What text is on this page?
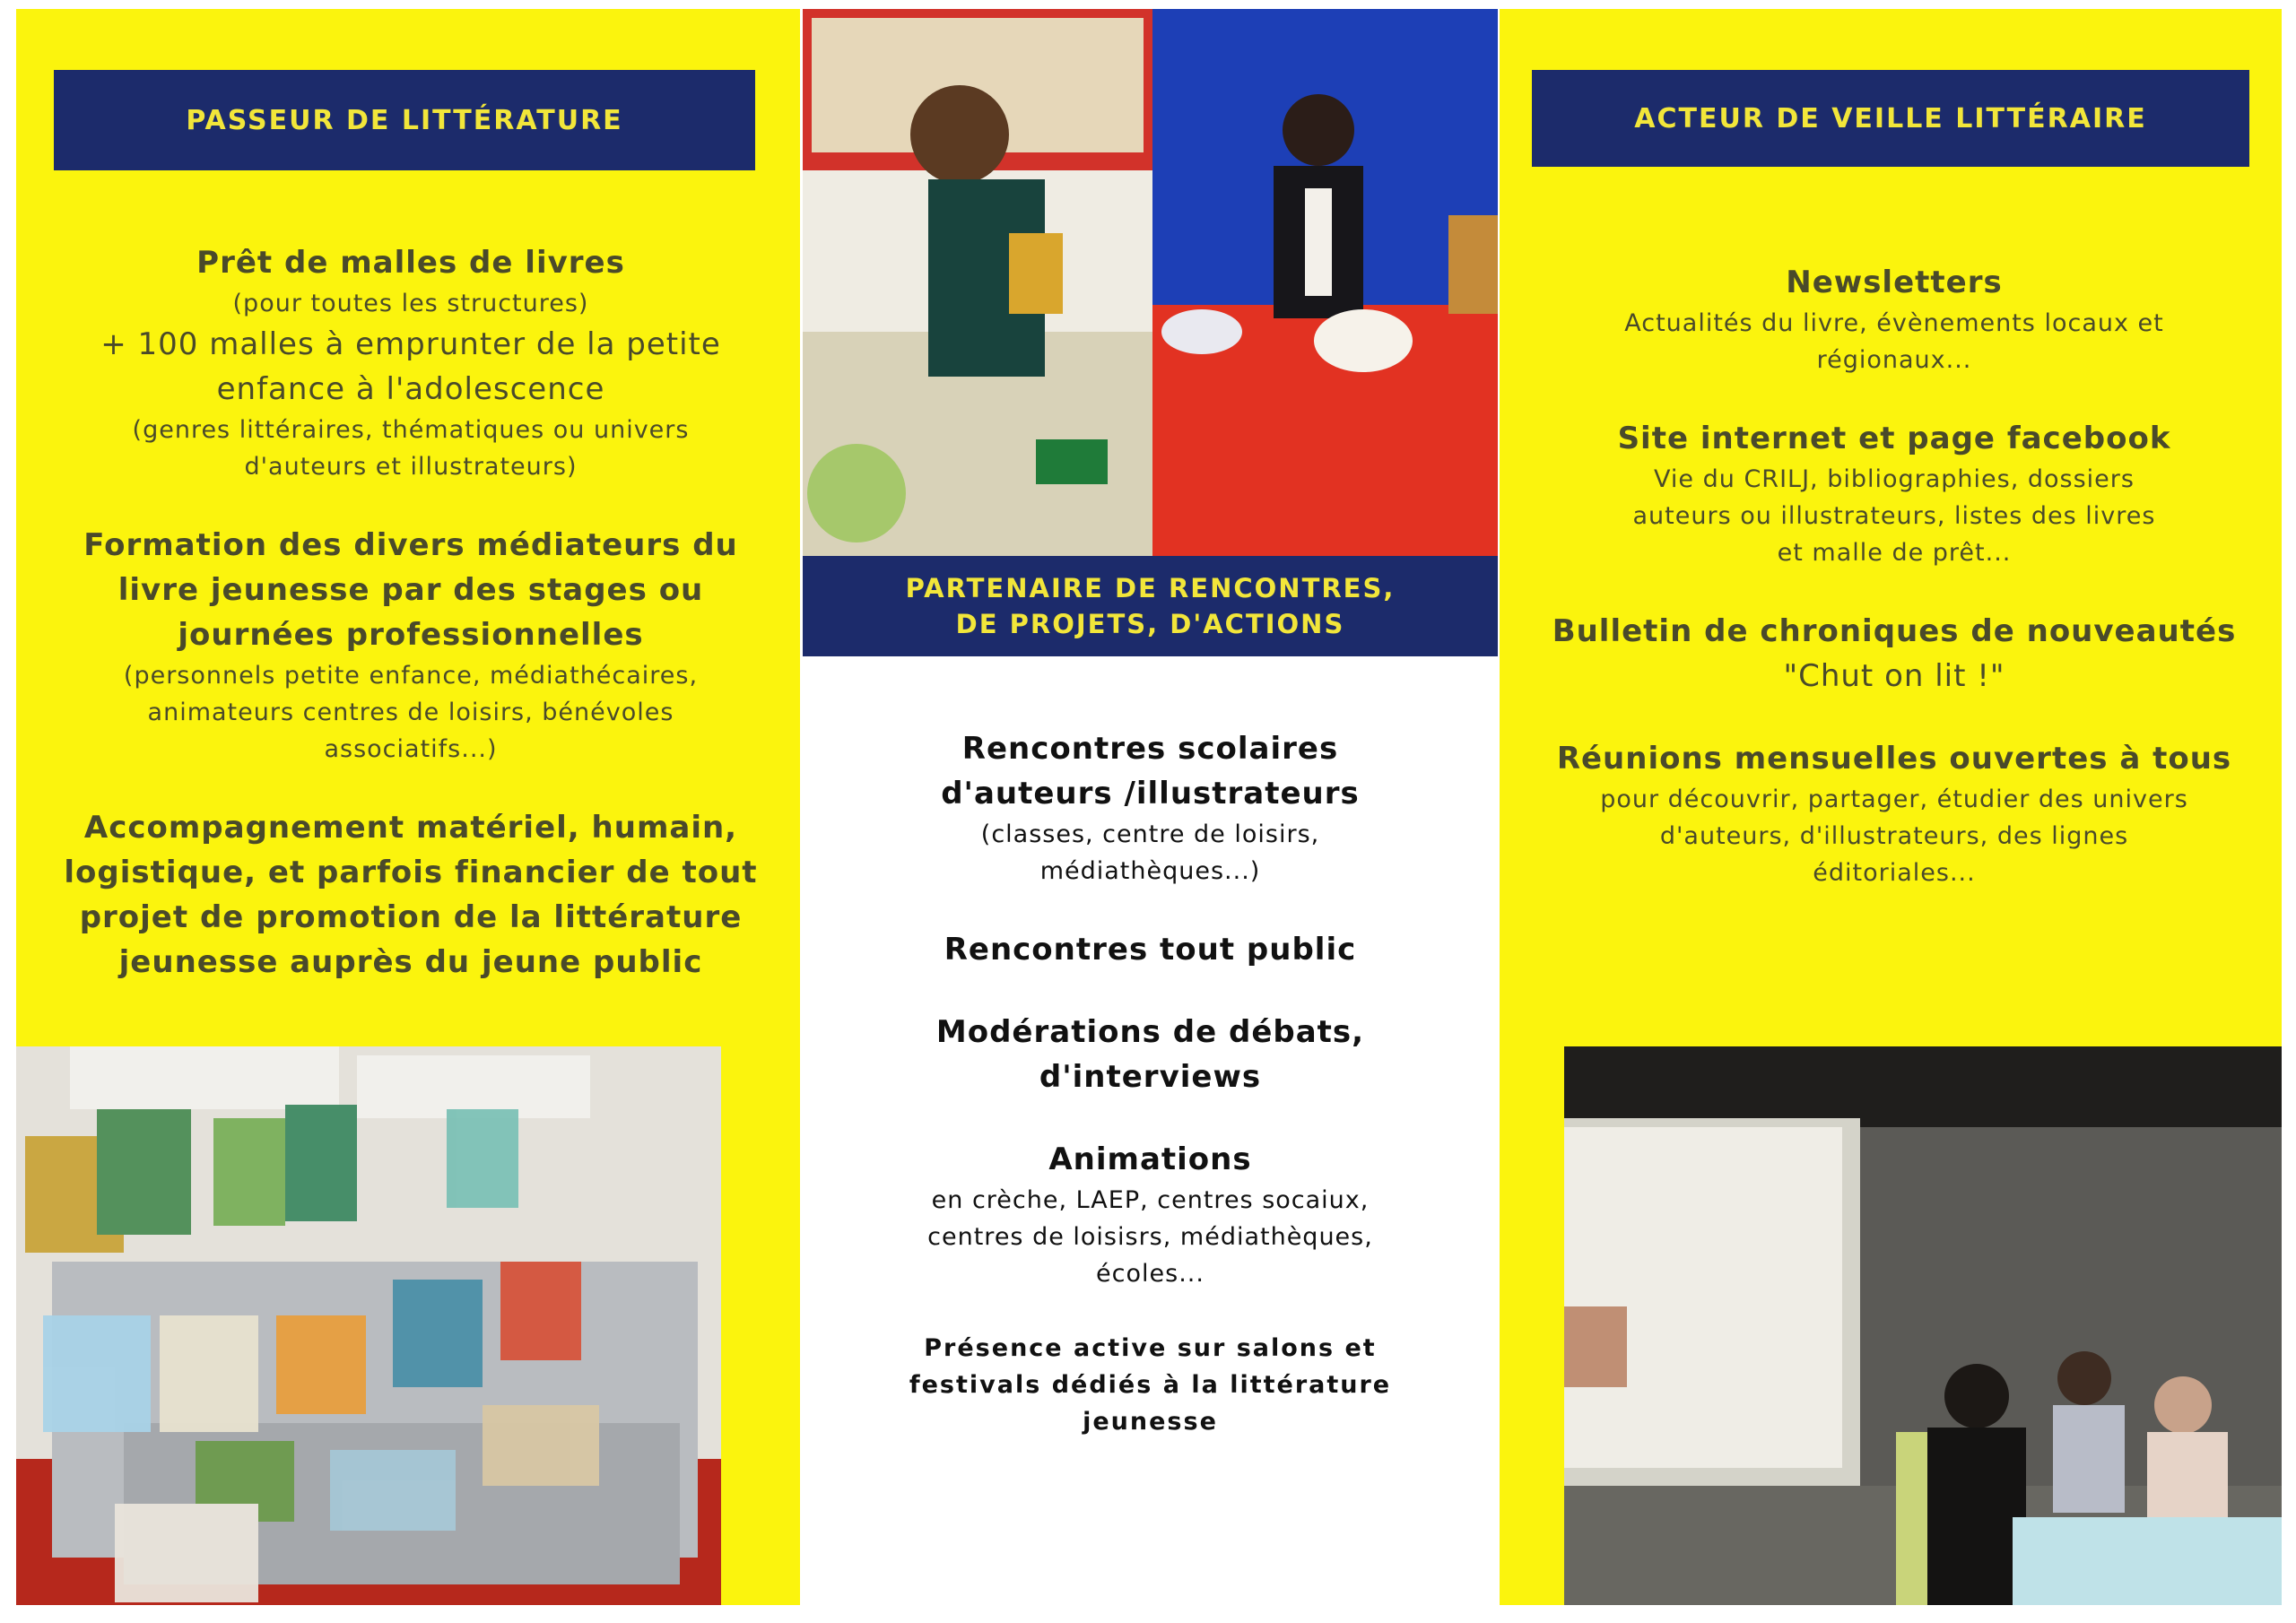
PASSEUR DE LITTÉRATURE
Prêt de malles de livres
(pour toutes les structures)
+ 100 malles à emprunter de la petite
enfance à l'adolescence
(genres littéraires, thématiques ou univers
d'auteurs et illustrateurs)
Formation des divers médiateurs du
livre jeunesse par des stages ou
journées professionnelles
(personnels petite enfance, médiathécaires,
animateurs centres de loisirs, bénévoles
associatifs...)
Accompagnement matériel, humain,
logistique, et parfois financier de tout
projet de promotion de la littérature
jeunesse auprès du jeune public
PARTENAIRE DE RENCONTRES,
DE PROJETS, D'ACTIONS
Rencontres scolaires
d'auteurs /illustrateurs
(classes, centre de loisirs,
médiathèques...)
Rencontres tout public
Modérations de débats,
d'interviews
Animations
en crèche, LAEP, centres socaiux,
centres de loisisrs, médiathèques,
écoles...
Présence active sur salons et
festivals dédiés à la littérature
jeunesse
ACTEUR DE VEILLE LITTÉRAIRE
Newsletters
Actualités du livre, évènements locaux et
régionaux...
Site internet et page facebook
Vie du CRILJ, bibliographies, dossiers
auteurs ou illustrateurs, listes des livres
et malle de prêt...
Bulletin de chroniques de nouveautés
"Chut on lit !"
Réunions mensuelles ouvertes à tous
pour découvrir, partager, étudier des univers
d'auteurs, d'illustrateurs, des lignes
éditoriales...
